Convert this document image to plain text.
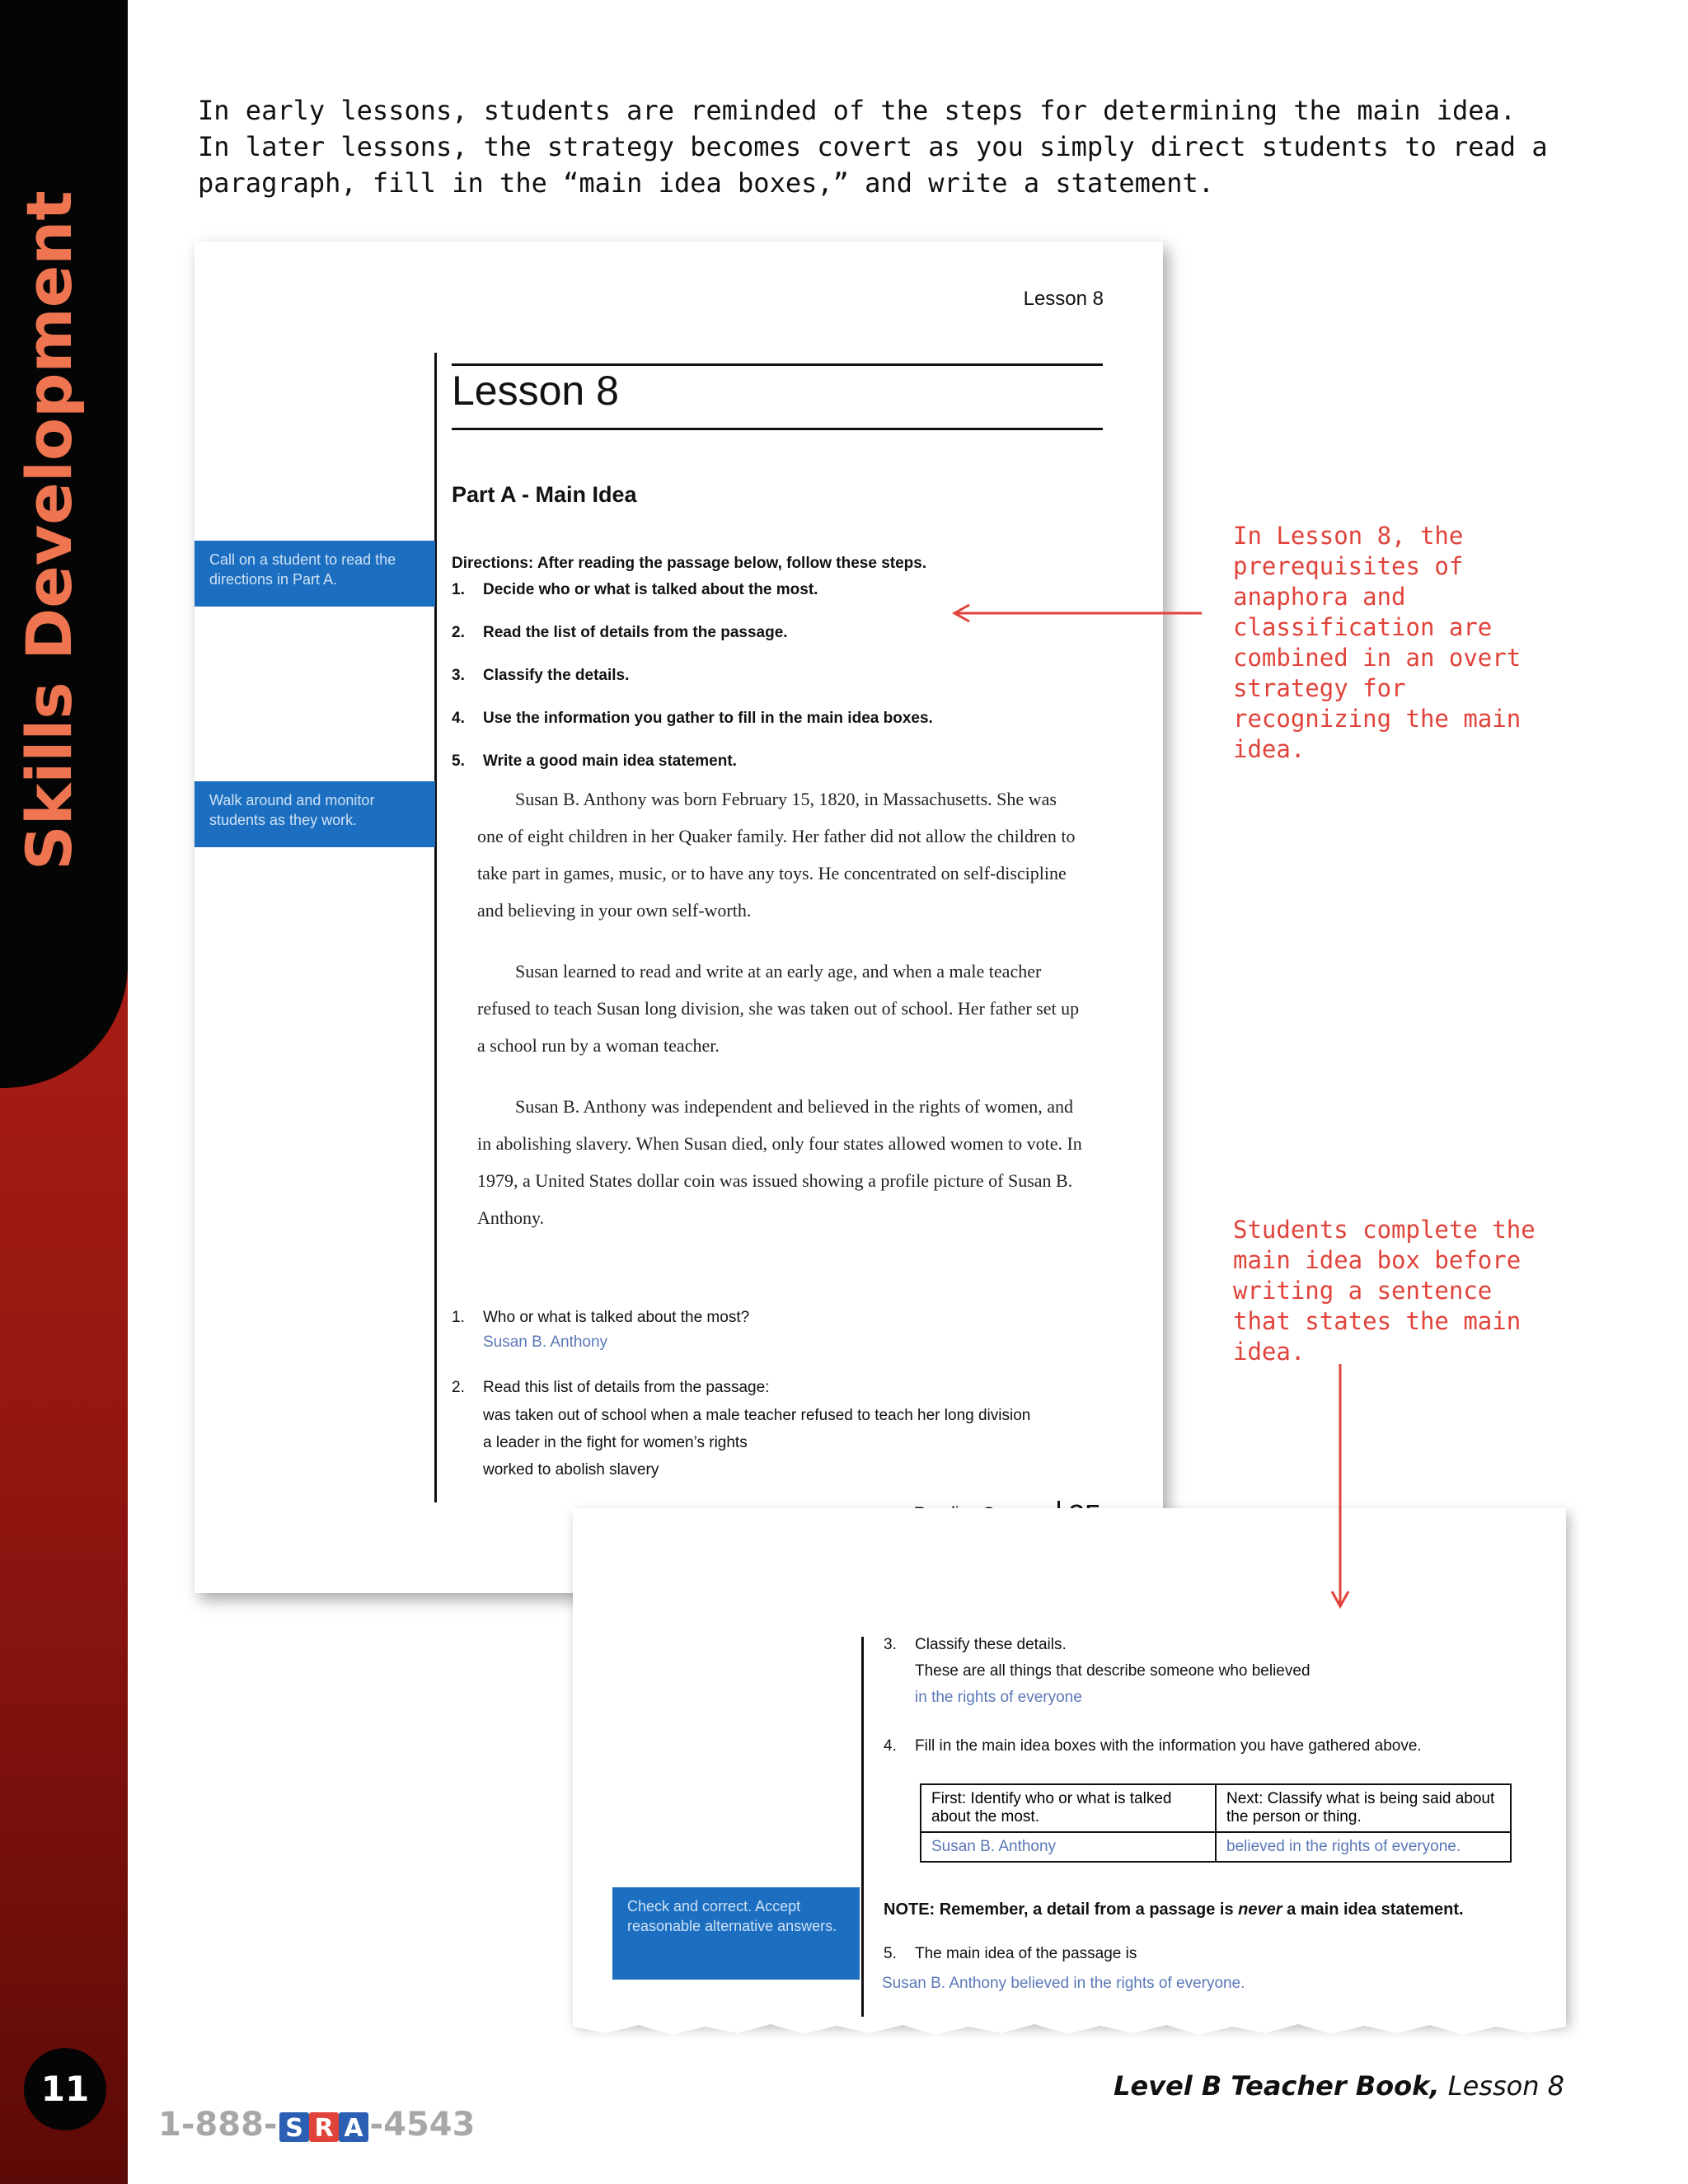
Skills Development
11

In early lessons, students are reminded of the steps for determining the main idea. In later lessons, the strategy becomes covert as you simply direct students to read a paragraph, fill in the “main idea boxes,” and write a statement.

Lesson 8
Lesson 8
Part A - Main Idea
Call on a student to read the directions in Part A.
Walk around and monitor students as they work.
Directions: After reading the passage below, follow these steps.
1. Decide who or what is talked about the most.
2. Read the list of details from the passage.
3. Classify the details.
4. Use the information you gather to fill in the main idea boxes.
5. Write a good main idea statement.

Susan B. Anthony was born February 15, 1820, in Massachusetts. She was one of eight children in her Quaker family. Her father did not allow the children to take part in games, music, or to have any toys. He concentrated on self-discipline and believing in your own self-worth.

Susan learned to read and write at an early age, and when a male teacher refused to teach Susan long division, she was taken out of school. Her father set up a school run by a woman teacher.

Susan B. Anthony was independent and believed in the rights of women, and in abolishing slavery. When Susan died, only four states allowed women to vote. In 1979, a United States dollar coin was issued showing a profile picture of Susan B. Anthony.

1. Who or what is talked about the most?
Susan B. Anthony
2. Read this list of details from the passage:
was taken out of school when a male teacher refused to teach her long division
a leader in the fight for women’s rights
worked to abolish slavery
3. Classify these details.
These are all things that describe someone who believed
in the rights of everyone
4. Fill in the main idea boxes with the information you have gathered above.
First: Identify who or what is talked about the most.	Next: Classify what is being said about the person or thing.
Susan B. Anthony	believed in the rights of everyone.
Check and correct. Accept reasonable alternative answers.
NOTE: Remember, a detail from a passage is never a main idea statement.
5. The main idea of the passage is
Susan B. Anthony believed in the rights of everyone.
In Lesson 8, the prerequisites of anaphora and classification are combined in an overt strategy for recognizing the main idea.
Students complete the main idea box before writing a sentence that states the main idea.
Level B Teacher Book, Lesson 8
1-888- S R A -4543
